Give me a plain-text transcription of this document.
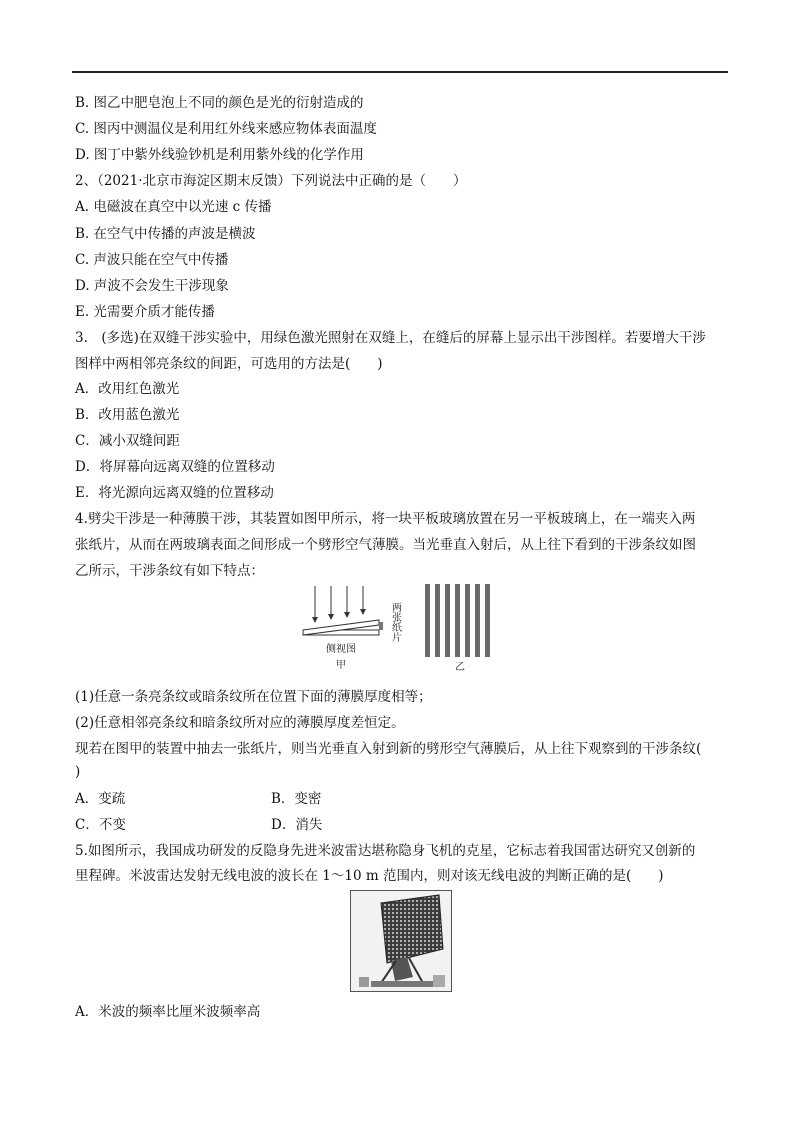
B. 图乙中肥皂泡上不同的颜色是光的衍射造成的
C. 图丙中测温仪是利用红外线来感应物体表面温度
D. 图丁中紫外线验钞机是利用紫外线的化学作用
2、（2021·北京市海淀区期末反馈）下列说法中正确的是（　　）
A. 电磁波在真空中以光速 c 传播
B. 在空气中传播的声波是横波
C. 声波只能在空气中传播
D. 声波不会发生干涉现象
E. 光需要介质才能传播
3.　(多选)在双缝干涉实验中，用绿色激光照射在双缝上，在缝后的屏幕上显示出干涉图样。若要增大干涉
图样中两相邻亮条纹的间距，可选用的方法是(　　)
A．改用红色激光
B．改用蓝色激光
C．减小双缝间距
D．将屏幕向远离双缝的位置移动
E．将光源向远离双缝的位置移动
4.劈尖干涉是一种薄膜干涉，其装置如图甲所示，将一块平板玻璃放置在另一平板玻璃上，在一端夹入两
张纸片，从而在两玻璃表面之间形成一个劈形空气薄膜。当光垂直入射后，从上往下看到的干涉条纹如图
乙所示，干涉条纹有如下特点：
两张纸片
侧视图
甲	乙
(1)任意一条亮条纹或暗条纹所在位置下面的薄膜厚度相等；
(2)任意相邻亮条纹和暗条纹所对应的薄膜厚度差恒定。
现若在图甲的装置中抽去一张纸片，则当光垂直入射到新的劈形空气薄膜后，从上往下观察到的干涉条纹(
)
A．变疏	B．变密
C．不变	D．消失
5.如图所示，我国成功研发的反隐身先进米波雷达堪称隐身飞机的克星，它标志着我国雷达研究又创新的
里程碑。米波雷达发射无线电波的波长在 1～10 m 范围内，则对该无线电波的判断正确的是(　　)
A．米波的频率比厘米波频率高
